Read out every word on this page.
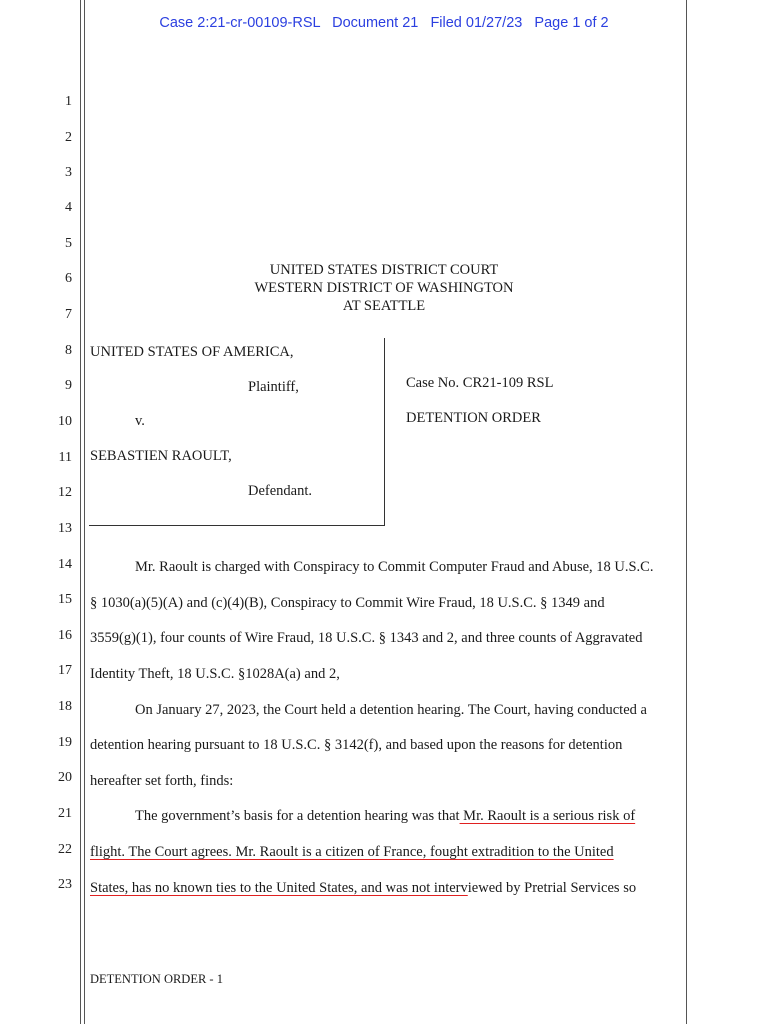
Case 2:21-cr-00109-RSL   Document 21   Filed 01/27/23   Page 1 of 2
1
2
3
4
5
6
7
8
9
10
11
12
13
14
15
16
17
18
19
20
21
22
23
UNITED STATES DISTRICT COURT
WESTERN DISTRICT OF WASHINGTON
AT SEATTLE
UNITED STATES OF AMERICA,
Plaintiff,
v.
SEBASTIEN RAOULT,
Defendant.
Case No. CR21-109 RSL
DETENTION ORDER
Mr. Raoult is charged with Conspiracy to Commit Computer Fraud and Abuse, 18 U.S.C.
§ 1030(a)(5)(A) and (c)(4)(B), Conspiracy to Commit Wire Fraud, 18 U.S.C. § 1349 and
3559(g)(1), four counts of Wire Fraud, 18 U.S.C. § 1343 and 2, and three counts of Aggravated
Identity Theft, 18 U.S.C. §1028A(a) and 2,
On January 27, 2023, the Court held a detention hearing. The Court, having conducted a
detention hearing pursuant to 18 U.S.C. § 3142(f), and based upon the reasons for detention
hereafter set forth, finds:
The government’s basis for a detention hearing was that Mr. Raoult is a serious risk of
flight. The Court agrees. Mr. Raoult is a citizen of France, fought extradition to the United
States, has no known ties to the United States, and was not interviewed by Pretrial Services so
DETENTION ORDER - 1
